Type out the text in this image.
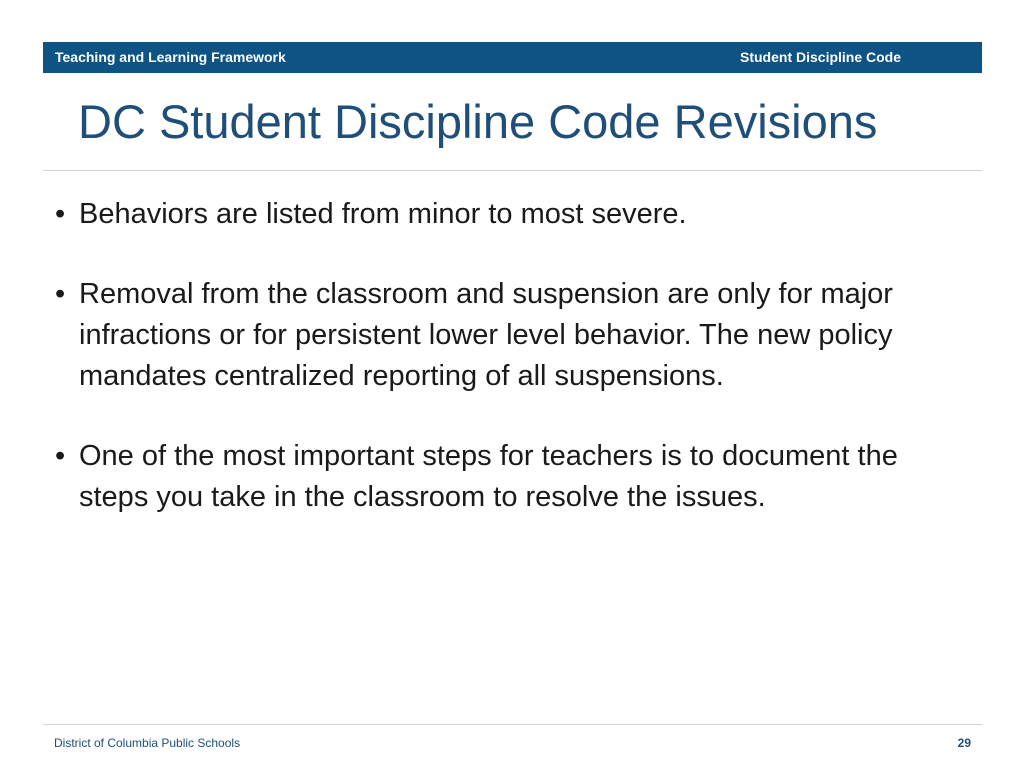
Teaching and Learning Framework	Student Discipline Code
DC Student Discipline Code Revisions
• Behaviors are listed from minor to most severe.
• Removal from the classroom and suspension are only for major infractions or for persistent lower level behavior. The new policy mandates centralized reporting of all suspensions.
• One of the most important steps for teachers is to document the steps you take in the classroom to resolve the issues.
District of Columbia Public Schools	29
